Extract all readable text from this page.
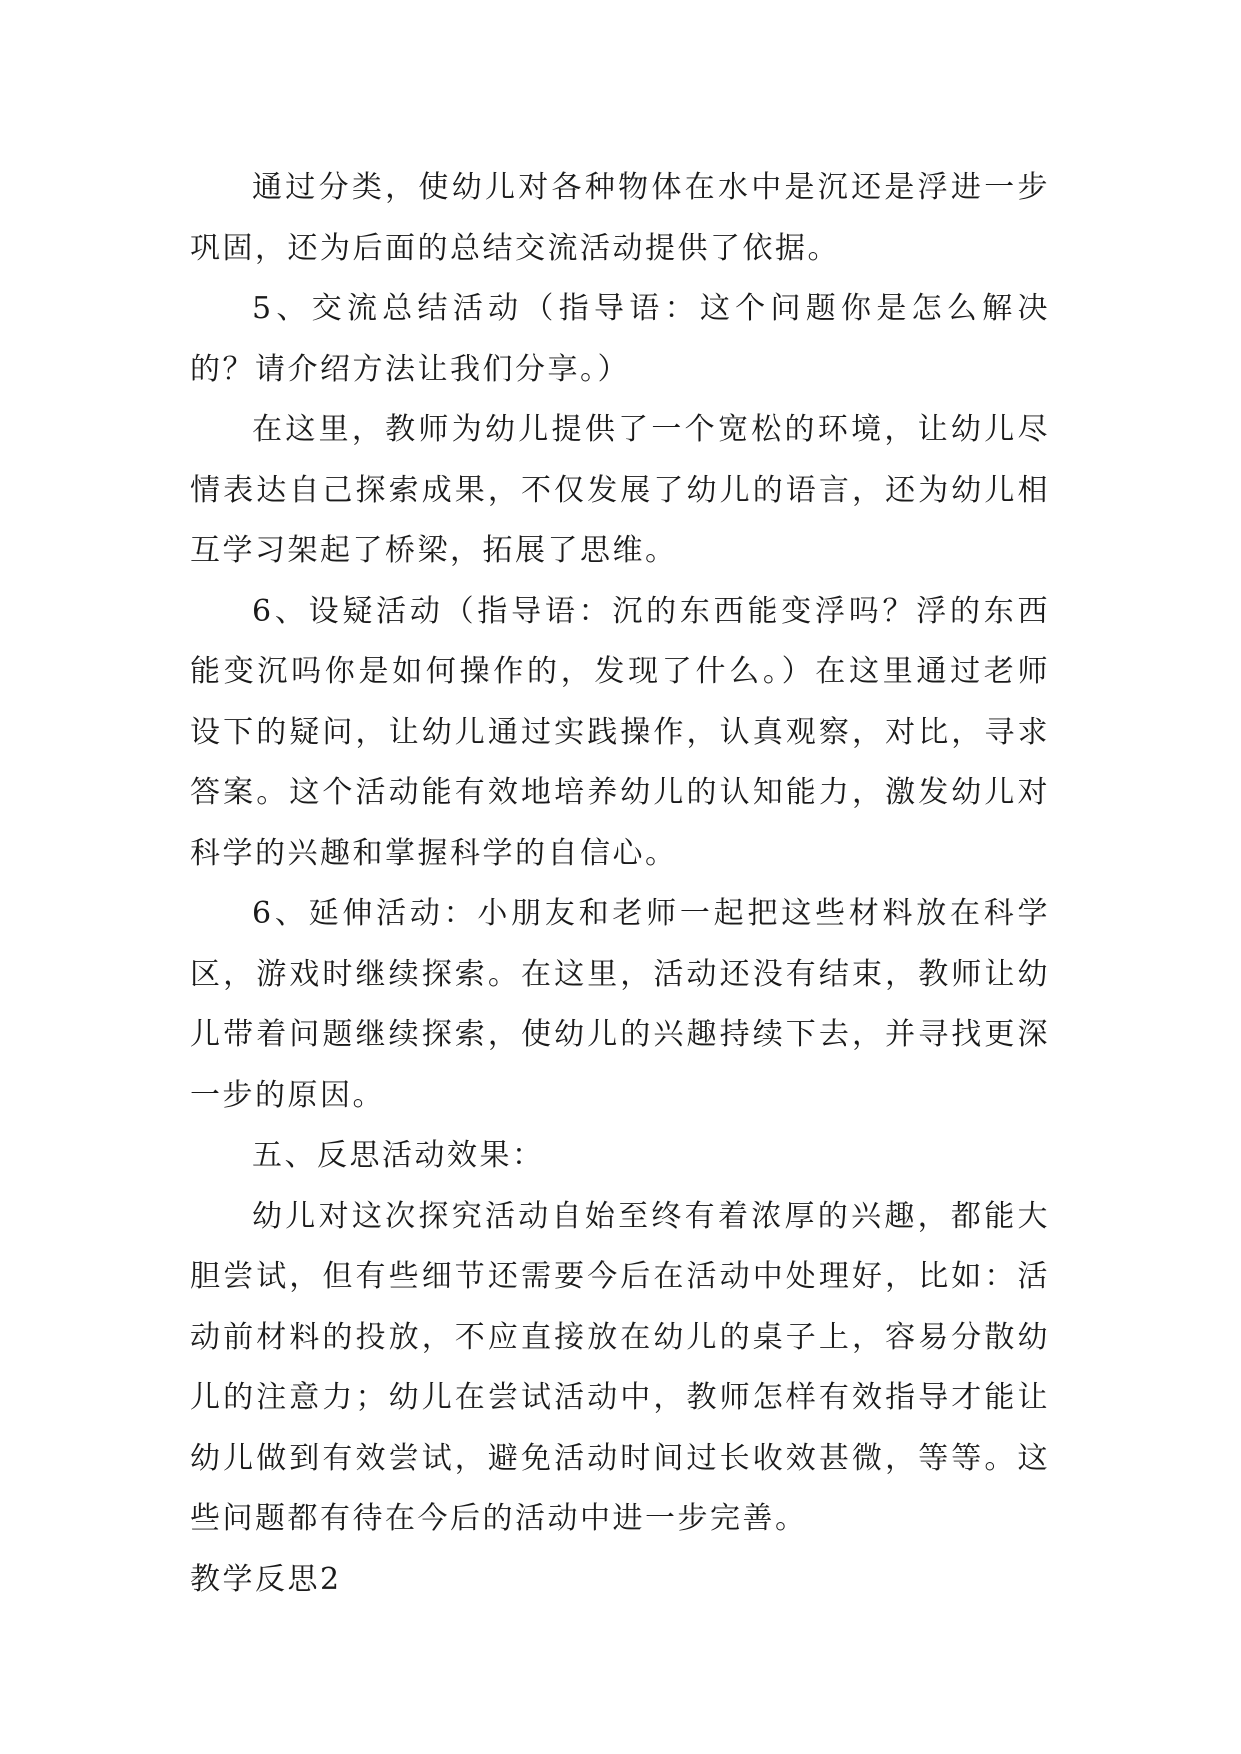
通过分类，使幼儿对各种物体在水中是沉还是浮进一步巩固，还为后面的总结交流活动提供了依据。

5、交流总结活动（指导语：这个问题你是怎么解决的？请介绍方法让我们分享。）

在这里，教师为幼儿提供了一个宽松的环境，让幼儿尽情表达自己探索成果，不仅发展了幼儿的语言，还为幼儿相互学习架起了桥梁，拓展了思维。

6、设疑活动（指导语：沉的东西能变浮吗？浮的东西能变沉吗你是如何操作的，发现了什么。）在这里通过老师设下的疑问，让幼儿通过实践操作，认真观察，对比，寻求答案。这个活动能有效地培养幼儿的认知能力，激发幼儿对科学的兴趣和掌握科学的自信心。

6、延伸活动：小朋友和老师一起把这些材料放在科学区，游戏时继续探索。在这里，活动还没有结束，教师让幼儿带着问题继续探索，使幼儿的兴趣持续下去，并寻找更深一步的原因。

五、反思活动效果：

幼儿对这次探究活动自始至终有着浓厚的兴趣，都能大胆尝试，但有些细节还需要今后在活动中处理好，比如：活动前材料的投放，不应直接放在幼儿的桌子上，容易分散幼儿的注意力；幼儿在尝试活动中，教师怎样有效指导才能让幼儿做到有效尝试，避免活动时间过长收效甚微，等等。这些问题都有待在今后的活动中进一步完善。

教学反思2
